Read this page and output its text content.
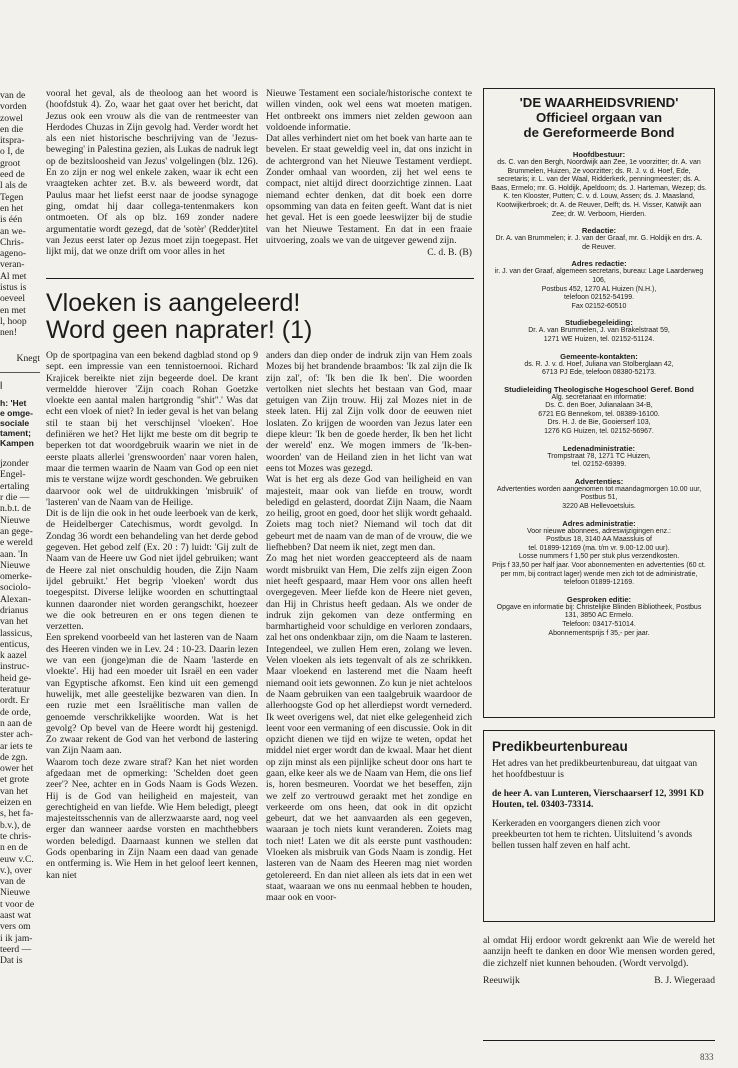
van de
vorden
zowel
en die
itspra-
o I, de
groot
eed de
l als de
Tegen
en het
is één
an we-
Chris-
ageno-
veran-
Al met
istus is
oeveel
en met
l, hoop
nen!
Knegt
l
h: 'Het
e omge-
sociale
tament;
Kampen
jzonder
Engel-
ertaling
r die —
n.b.t. de
Nieuwe
an gege-
e wereld
aan. 'In
Nieuwe
omerke-
sociolo-
Alexan-
drianus
van het
lassicus,
enticus,
k aazel
instruc-
heid ge-
teratuur
ordt. Er
de orde,
n aan de
ster ach-
ar iets te
de zgn.
ower het
et grote
van het
eizen en
s, het fa-
b.v.), de
te chris-
n en de
euw v.C.
v.), over
van de
Nieuwe
t voor de
aast wat
vers om
i ik jam-
teerd —
Dat is

vooral het geval, als de theoloog aan het woord is (hoofdstuk 4). Zo, waar het gaat over het bericht, dat Jezus ook een vrouw als die van de rentmeester van Herdodes Chuzas in Zijn gevolg had. Verder wordt het als een niet historische beschrijving van de 'Jezus-beweging' in Palestina gezien, als Lukas de nadruk legt op de bezitsloosheid van Jezus' volgelingen (blz. 126). En zo zijn er nog wel enkele zaken, waar ik echt een vraagteken achter zet. B.v. als beweerd wordt, dat Paulus maar het liefst eerst naar de joodse synagoge ging, omdat hij daar collega-tentenmakers kon ontmoeten. Of als op blz. 169 zonder nadere argumentatie wordt gezegd, dat de 'sotèr' (Redder)titel van Jezus eerst later op Jezus moet zijn toegepast. Het lijkt mij, dat we onze drift om voor alles in het

Nieuwe Testament een sociale/historische context te willen vinden, ook wel eens wat moeten matigen. Het ontbreekt ons immers niet zelden gewoon aan voldoende informatie.

Dat alles verhindert niet om het boek van harte aan te bevelen. Er staat geweldig veel in, dat ons inzicht in de achtergrond van het Nieuwe Testament verdiept. Zonder omhaal van woorden, zij het wel eens te compact, niet altijd direct doorzichtige zinnen. Laat niemand echter denken, dat dit boek een dorre opsomming van data en feiten geeft. Want dat is niet het geval. Het is een goede leeswijzer bij de studie van het Nieuwe Testament. En dat in een fraaie uitvoering, zoals we van de uitgever gewend zijn.

C. d. B. (B)

Vloeken is aangeleerd!
Word geen naprater! (1)

Op de sportpagina van een bekend dagblad stond op 9 sept. een impressie van een tennistoernooi. Richard Krajicek bereikte niet zijn begeerde doel. De krant vermeldde hierover 'Zijn coach Rohan Goetzke vloekte een aantal malen hartgrondig "shit".' Was dat echt een vloek of niet? In ieder geval is het van belang stil te staan bij het verschijnsel 'vloeken'. Hoe definiëren we het? Het lijkt me beste om dit begrip te beperken tot dat woordgebruik waarin we niet in de eerste plaats allerlei 'grenswoorden' naar voren halen, maar die termen waarin de Naam van God op een niet mis te verstane wijze wordt geschonden. We gebruiken daarvoor ook wel de uitdrukkingen 'misbruik' of 'lasteren' van de Naam van de Heilige.

Dit is de lijn die ook in het oude leerboek van de kerk, de Heidelberger Catechismus, wordt gevolgd. In Zondag 36 wordt een behandeling van het derde gebod gegeven. Het gebod zelf (Ex. 20 : 7) luidt: 'Gij zult de Naam van de Heere uw God niet ijdel gebruiken; want de Heere zal niet onschuldig houden, die Zijn Naam ijdel gebruikt.' Het begrip 'vloeken' wordt dus toegespitst. Diverse lelijke woorden en schuttingtaal kunnen daaronder niet worden gerangschikt, hoezeer we die ook betreuren en er ons tegen dienen te verzetten.

Een sprekend voorbeeld van het lasteren van de Naam des Heeren vinden we in Lev. 24 : 10-23. Daarin lezen we van een (jonge)man die de Naam 'lasterde en vloekte'. Hij had een moeder uit Israël en een vader van Egyptische afkomst. Een kind uit een gemengd huwelijk, met alle geestelijke bezwaren van dien. In een ruzie met een Israëlitische man vallen de genoemde verschrikkelijke woorden. Wat is het gevolg? Op bevel van de Heere wordt hij gestenigd. Zo zwaar rekent de God van het verbond de lastering van Zijn Naam aan.

Waarom toch deze zware straf? Kan het niet worden afgedaan met de opmerking: 'Schelden doet geen zeer'? Nee, achter en in Gods Naam is Gods Wezen. Hij is de God van heiligheid en majesteit, van gerechtigheid en van liefde. Wie Hem beledigt, pleegt majesteitsschennis van de allerzwaarste aard, nog veel erger dan wanneer aardse vorsten en machthebbers worden beledigd. Daarnaast kunnen we stellen dat Gods openbaring in Zijn Naam een daad van genade en ontferming is. Wie Hem in het geloof leert kennen, kan niet

anders dan diep onder de indruk zijn van Hem zoals Mozes bij het brandende braambos: 'Ik zal zijn die Ik zijn zal', of: 'Ik ben die Ik ben'. Die woorden vertolken niet slechts het bestaan van God, maar getuigen van Zijn trouw. Hij zal Mozes niet in de steek laten. Hij zal Zijn volk door de eeuwen niet loslaten. Zo krijgen de woorden van Jezus later een diepe kleur: 'Ik ben de goede herder, Ik ben het licht der wereld' enz. We mogen immers de 'Ik-ben-woorden' van de Heiland zien in het licht van wat eens tot Mozes was gezegd.

Wat is het erg als deze God van heiligheid en van majesteit, maar ook van liefde en trouw, wordt beledigd en gelasterd, doordat Zijn Naam, die Naam zo heilig, groot en goed, door het slijk wordt gehaald. Zoiets mag toch niet? Niemand wil toch dat dit gebeurt met de naam van de man of de vrouw, die we liefhebben? Dat neem ik niet, zegt men dan.

Zo mag het niet worden geaccepteerd als de naam wordt misbruikt van Hem, Die zelfs zijn eigen Zoon niet heeft gespaard, maar Hem voor ons allen heeft overgegeven. Meer liefde kon de Heere niet geven, dan Hij in Christus heeft gedaan. Als we onder de indruk zijn gekomen van deze ontferming en barmhartigheid voor schuldige en verloren zondaars, zal het ons ondenkbaar zijn, om die Naam te lasteren. Integendeel, we zullen Hem eren, zolang we leven. Velen vloeken als iets tegenvalt of als ze schrikken. Maar vloekend en lasterend met die Naam heeft niemand ooit iets gewonnen. Zo kun je niet achteloos de Naam gebruiken van een taalgebruik waardoor de allerhoogste God op het allerdiepst wordt vernederd. Ik weet overigens wel, dat niet elke gelegenheid zich leent voor een vermaning of een discussie. Ook in dit opzicht dienen we tijd en wijze te weten, opdat het middel niet erger wordt dan de kwaal. Maar het dient op zijn minst als een pijnlijke scheut door ons hart te gaan, elke keer als we de Naam van Hem, die ons lief is, horen besmeuren. Voordat we het beseffen, zijn we zelf zo vertrouwd geraakt met het zondige en verkeerde om ons heen, dat ook in dit opzicht gebeurt, dat we het aanvaarden als een gegeven, waaraan je toch niets kunt veranderen. Zoiets mag toch niet! Laten we dit als eerste punt vasthouden: Vloeken als misbruik van Gods Naam is zondig. Het lasteren van de Naam des Heeren mag niet worden getolereerd. En dan niet alleen als iets dat in een wet staat, waaraan we ons nu eenmaal hebben te houden, maar ook en voor-

'DE WAARHEIDSVRIEND'
Officieel orgaan van
de Gereformeerde Bond
Hoofdbestuur:

ds. C. van den Bergh, Noordwijk aan Zee, 1e voorzitter; dr. A. van Brummelen, Huizen, 2e voorzitter; ds. R. J. v. d. Hoef, Ede, secretaris; ir. L. van der Waal, Ridderkerk, penningmeester; ds. A. Baas, Ermelo; mr. G. Holdijk, Apeldoorn; ds. J. Harteman, Wezep; ds. K. ten Klooster, Putten; C. v. d. Louw, Assen; ds. J. Maasland, Kootwijkerbroek; dr. A. de Reuver, Delft; ds. H. Visser, Katwijk aan Zee; dr. W. Verboom, Hierden.

Redactie:

Dr. A. van Brummelen; ir. J. van der Graaf, mr. G. Holdijk en drs. A. de Reuver.

Adres redactie:

ir. J. van der Graaf, algemeen secretaris, bureau: Lage Laarderweg 106,

Postbus 452, 1270 AL Huizen (N.H.),

telefoon 02152-54199.

Fax 02152-60510

Studiebegeleiding:

Dr. A. van Brummelen, J. van Brakelstraat 59,

1271 WE Huizen, tel. 02152-51124.

Gemeente-kontakten:

ds. R. J. v. d. Hoef, Juliana van Stolberglaan 42,

6713 PJ Ede, telefoon 08380-52173.

Studieleiding Theologische Hogeschool Geref. Bond

Alg. secretariaat en informatie:

Ds. C. den Boer, Julianalaan 34-B,

6721 EG Bennekom, tel. 08389-16100.

Drs. H. J. de Bie, Gooierserf 103,

1276 KG Huizen, tel. 02152-56967.

Ledenadministratie:

Trompstraat 78, 1271 TC Huizen,

tel. 02152-69399.

Advertenties:

Advertenties worden aangenomen tot maandagmorgen 10.00 uur, Postbus 51,

3220 AB Hellevoetsluis.

Adres administratie:

Voor nieuwe abonnees, adreswijzigingen enz.:

Postbus 18, 3140 AA Maassluis of

tel. 01899-12169 (ma. t/m vr. 9.00-12.00 uur).

Losse nummers f 1,50 per stuk plus verzendkosten.

Prijs f 33,50 per half jaar. Voor abonnementen en advertenties (60 ct. per mm, bij contract lager) wende men zich tot de administratie,

telefoon 01899-12169.

Gesproken editie:

Opgave en informatie bij: Christelijke Blinden Bibliotheek, Postbus 131, 3850 AC Ermelo.

Telefoon: 03417-51014.

Abonnementsprijs f 35,- per jaar.

Predikbeurtenbureau

Het adres van het predikbeurtenbureau, dat uitgaat van het hoofdbestuur is

de heer A. van Lunteren, Vierschaarserf 12, 3991 KD Houten, tel. 03403-73314.

Kerkeraden en voorgangers dienen zich voor preekbeurten tot hem te richten. Uitsluitend 's avonds bellen tussen half zeven en half acht.

al omdat Hij erdoor wordt gekrenkt aan Wie de wereld het aanzijn heeft te danken en door Wie mensen worden gered, die zichzelf niet kunnen behouden. (Wordt vervolgd).

Reeuwijk	B. J. Wiegeraad
833
